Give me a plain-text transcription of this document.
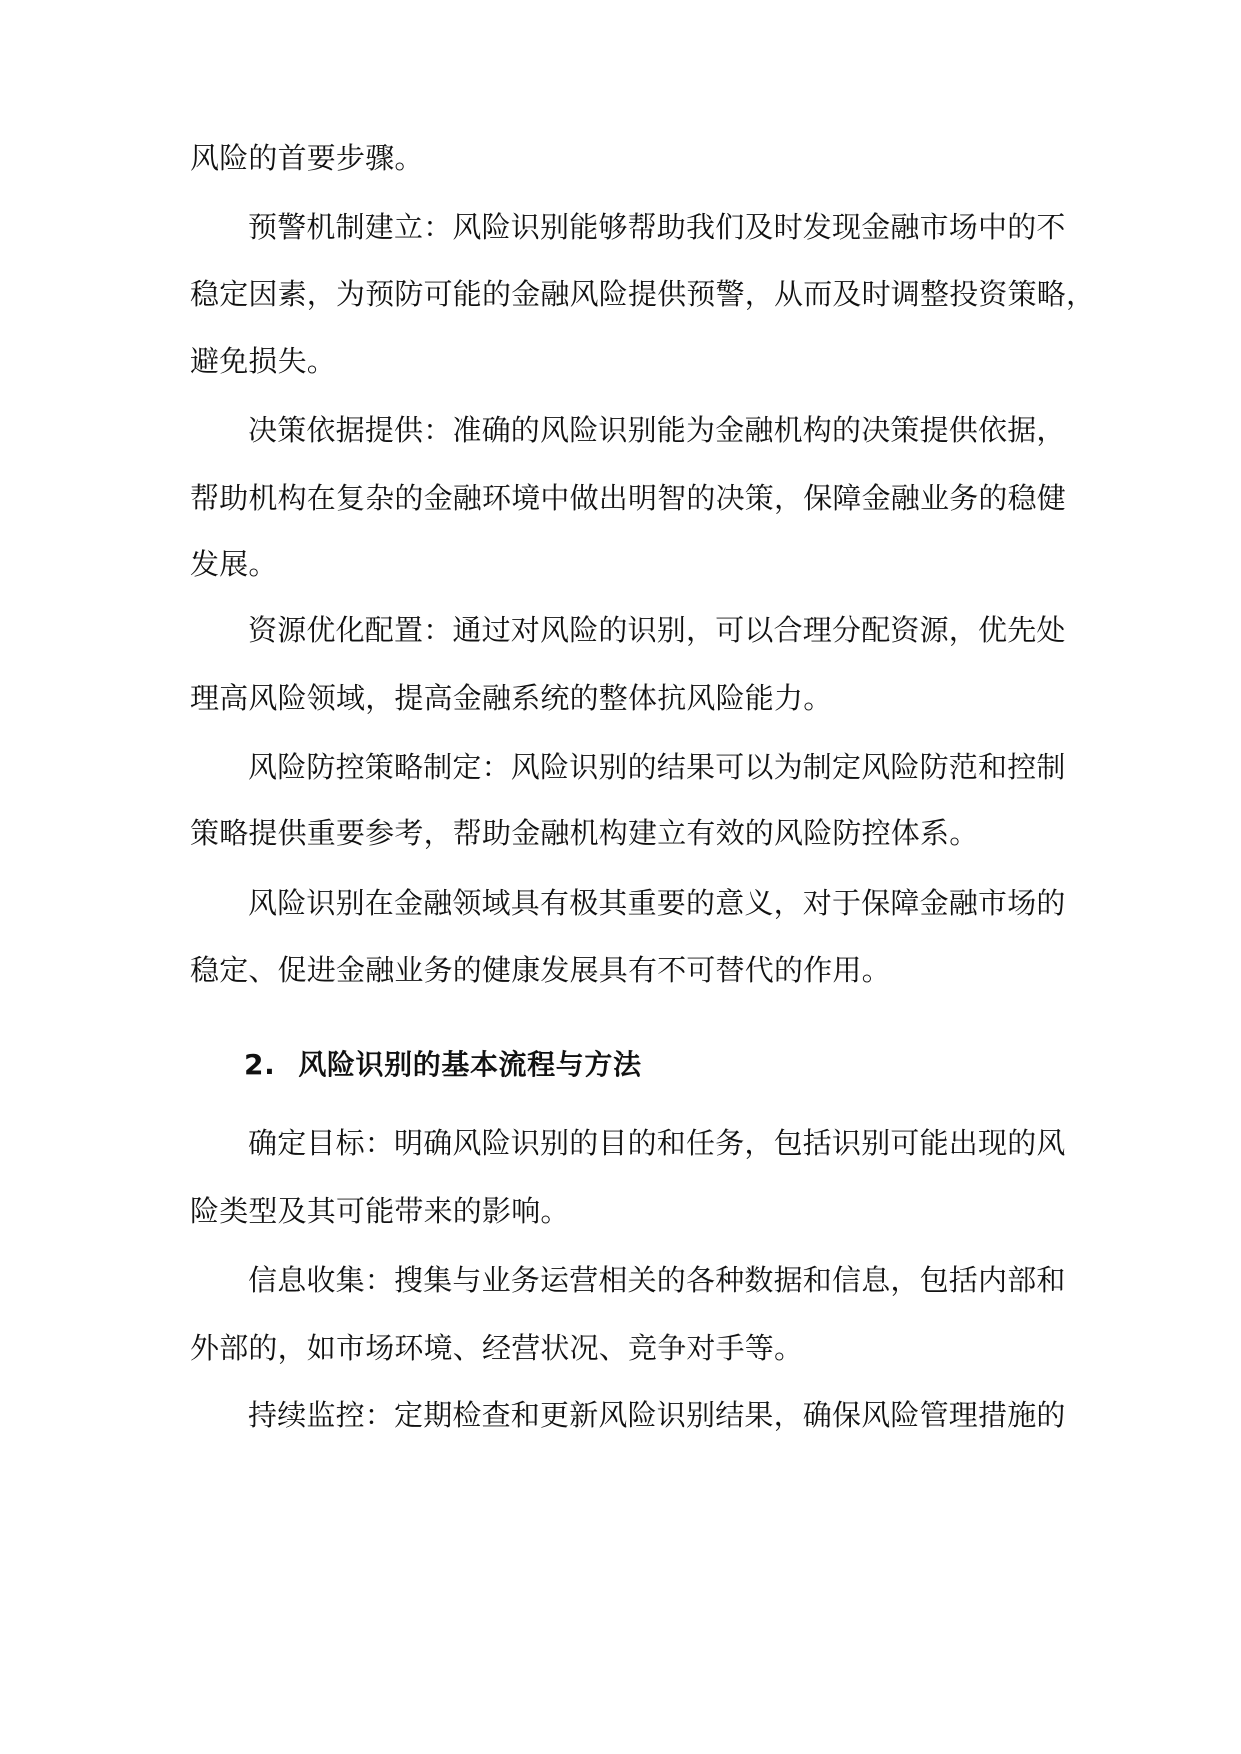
风险的首要步骤。
预警机制建立：风险识别能够帮助我们及时发现金融市场中的不
稳定因素，为预防可能的金融风险提供预警，从而及时调整投资策略，
避免损失。
决策依据提供：准确的风险识别能为金融机构的决策提供依据，
帮助机构在复杂的金融环境中做出明智的决策，保障金融业务的稳健
发展。
资源优化配置：通过对风险的识别，可以合理分配资源，优先处
理高风险领域，提高金融系统的整体抗风险能力。
风险防控策略制定：风险识别的结果可以为制定风险防范和控制
策略提供重要参考，帮助金融机构建立有效的风险防控体系。
风险识别在金融领域具有极其重要的意义，对于保障金融市场的
稳定、促进金融业务的健康发展具有不可替代的作用。
2. 风险识别的基本流程与方法
确定目标：明确风险识别的目的和任务，包括识别可能出现的风
险类型及其可能带来的影响。
信息收集：搜集与业务运营相关的各种数据和信息，包括内部和
外部的，如市场环境、经营状况、竞争对手等。
持续监控：定期检查和更新风险识别结果，确保风险管理措施的
